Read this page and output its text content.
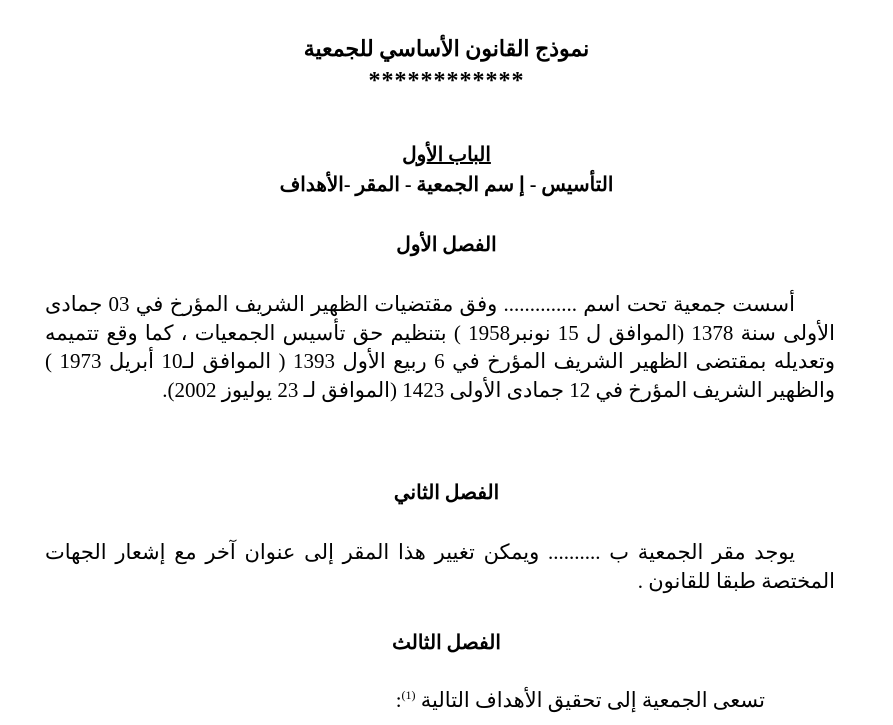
نموذج القانون الأساسي للجمعية
************
الباب الأول
التأسيس - إ سم الجمعية - المقر -الأهداف
الفصل الأول

أسست جمعية تحت اسم .............. وفق مقتضيات الظهير الشريف المؤرخ في 03 جمادى الأولى سنة 1378 (الموافق ل 15 نونبر1958 ) بتنظيم حق تأسيس الجمعيات ، كما وقع تتميمه وتعديله بمقتضى الظهير الشريف المؤرخ في 6 ربيع الأول 1393 ( الموافق لـ10 أبريل 1973 ) والظهير الشريف المؤرخ في 12 جمادى الأولى 1423 (الموافق لـ 23 يوليوز 2002).

الفصل الثاني

يوجد مقر الجمعية ب .......... ويمكن تغيير هذا المقر إلى عنوان آخر مع إشعار الجهات المختصة طبقا للقانون .

الفصل الثالث
تسعى الجمعية إلى تحقيق الأهداف التالية $^{(1)}$:
